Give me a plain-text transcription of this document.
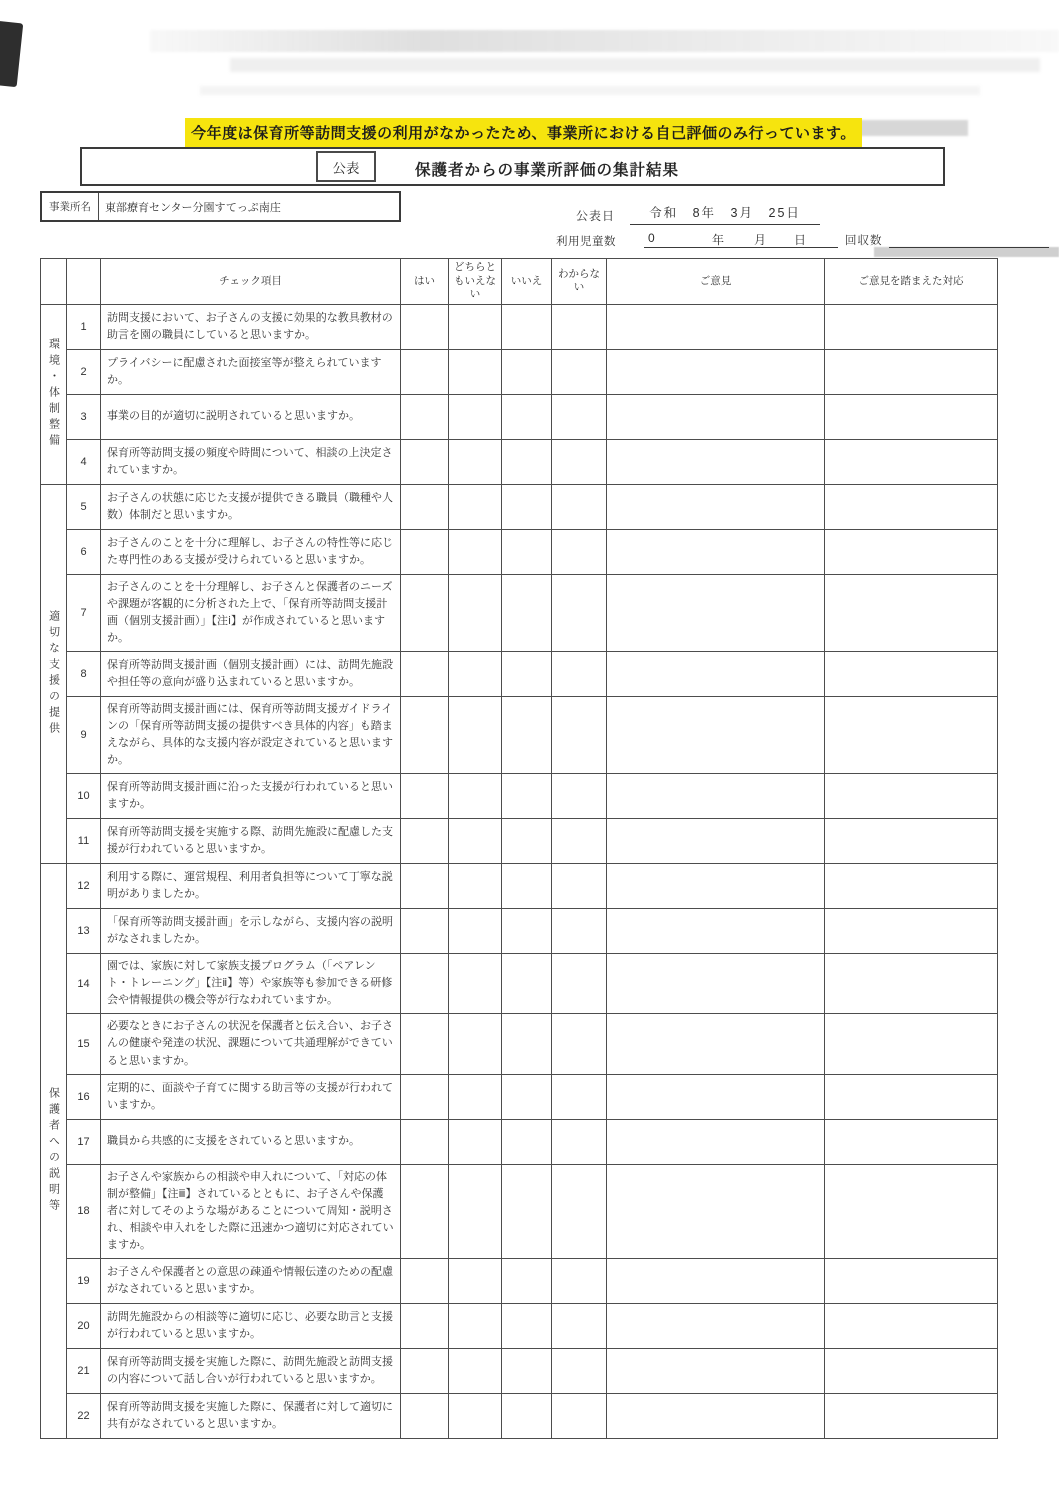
今年度は保育所等訪問支援の利用がなかったため、事業所における自己評価のみ行っています。
公表	保護者からの事業所評価の集計結果
事業所名	東部療育センター分園すてっぷ南庄
公表日	令和　8年　3月　25日
利用児童数	0	年 月 日	回収数
		チェック項目	はい	どちらともいえない	いいえ	わからない	ご意見	ご意見を踏まえた対応
環境・体制整備	1	訪問支援において、お子さんの支援に効果的な教具教材の助言を園の職員にしていると思いますか。						
	2	プライバシーに配慮された面接室等が整えられていますか。						
	3	事業の目的が適切に説明されていると思いますか。						
	4	保育所等訪問支援の頻度や時間について、相談の上決定されていますか。						
適切な支援の提供	5	お子さんの状態に応じた支援が提供できる職員（職種や人数）体制だと思いますか。						
	6	お子さんのことを十分に理解し、お子さんの特性等に応じた専門性のある支援が受けられていると思いますか。						
	7	お子さんのことを十分理解し、お子さんと保護者のニーズや課題が客観的に分析された上で、「保育所等訪問支援計画（個別支援計画）」【注ⅰ】が作成されていると思いますか。						
	8	保育所等訪問支援計画（個別支援計画）には、訪問先施設や担任等の意向が盛り込まれていると思いますか。						
	9	保育所等訪問支援計画には、保育所等訪問支援ガイドラインの「保育所等訪問支援の提供すべき具体的内容」も踏まえながら、具体的な支援内容が設定されていると思いますか。						
	10	保育所等訪問支援計画に沿った支援が行われていると思いますか。						
	11	保育所等訪問支援を実施する際、訪問先施設に配慮した支援が行われていると思いますか。						
保護者への説明等	12	利用する際に、運営規程、利用者負担等について丁寧な説明がありましたか。						
	13	「保育所等訪問支援計画」を示しながら、支援内容の説明がなされましたか。						
	14	園では、家族に対して家族支援プログラム（「ペアレント・トレーニング」【注ⅱ】等）や家族等も参加できる研修会や情報提供の機会等が行なわれていますか。						
	15	必要なときにお子さんの状況を保護者と伝え合い、お子さんの健康や発達の状況、課題について共通理解ができていると思いますか。						
	16	定期的に、面談や子育てに関する助言等の支援が行われていますか。						
	17	職員から共感的に支援をされていると思いますか。						
	18	お子さんや家族からの相談や申入れについて、「対応の体制が整備」【注ⅲ】されているとともに、お子さんや保護者に対してそのような場があることについて周知・説明され、相談や申入れをした際に迅速かつ適切に対応されていますか。						
	19	お子さんや保護者との意思の疎通や情報伝達のための配慮がなされていると思いますか。						
	20	訪問先施設からの相談等に適切に応じ、必要な助言と支援が行われていると思いますか。						
	21	保育所等訪問支援を実施した際に、訪問先施設と訪問支援の内容について話し合いが行われていると思いますか。						
	22	保育所等訪問支援を実施した際に、保護者に対して適切に共有がなされていると思いますか。						
